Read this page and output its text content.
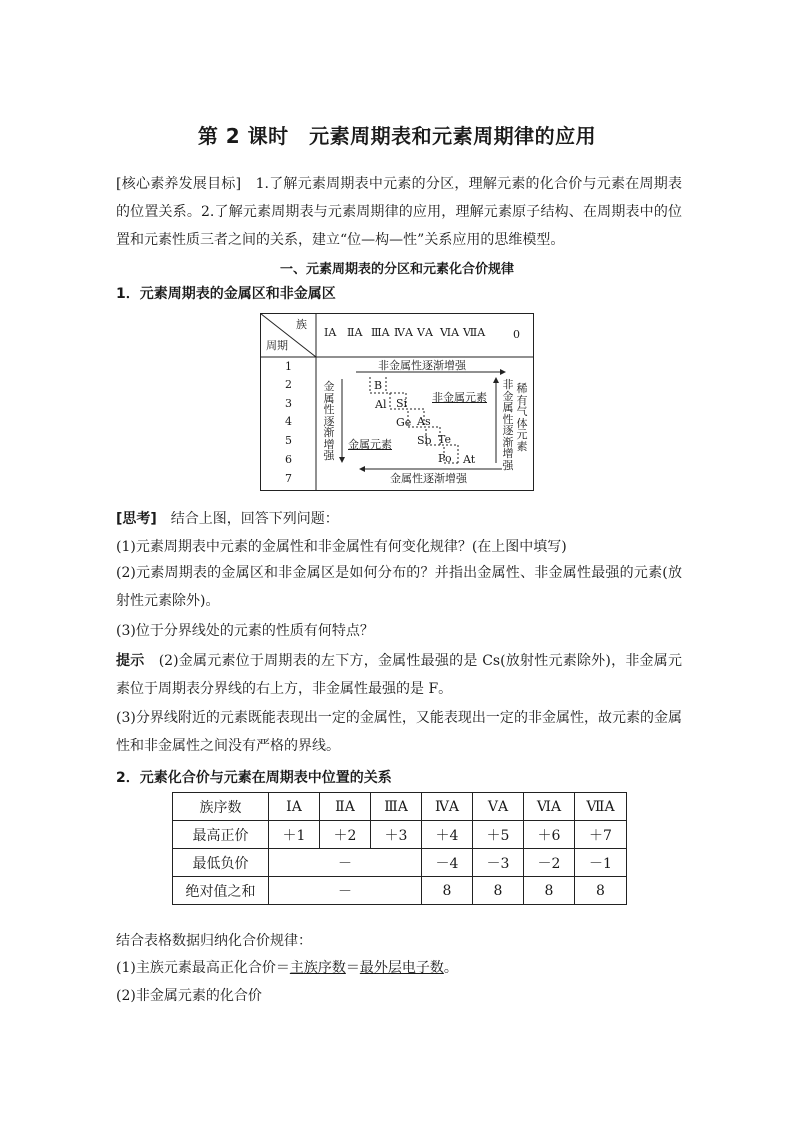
第 2 课时　元素周期表和元素周期律的应用
[核心素养发展目标]　1.了解元素周期表中元素的分区，理解元素的化合价与元素在周期表的位置关系。2.了解元素周期表与元素周期律的应用，理解元素原子结构、在周期表中的位置和元素性质三者之间的关系，建立“位—构—性”关系应用的思维模型。
一、元素周期表的分区和元素化合价规律
1．元素周期表的金属区和非金属区
族
周期
ⅠA ⅡA ⅢA ⅣA ⅤA ⅥA ⅦA	0
1
2
3
4
5
6
7
非金属性逐渐增强
金属性逐渐增强
金属性逐渐增强
非金属性逐渐增强
稀有气体元素
金属元素
非金属元素
B
Al Si
Ge As
Sb Te
Po At
[思考]　结合上图，回答下列问题：
(1)元素周期表中元素的金属性和非金属性有何变化规律？(在上图中填写)
(2)元素周期表的金属区和非金属区是如何分布的？并指出金属性、非金属性最强的元素(放射性元素除外)。
(3)位于分界线处的元素的性质有何特点？
提示　(2)金属元素位于周期表的左下方，金属性最强的是 Cs(放射性元素除外)，非金属元素位于周期表分界线的右上方，非金属性最强的是 F。
(3)分界线附近的元素既能表现出一定的金属性，又能表现出一定的非金属性，故元素的金属性和非金属性之间没有严格的界线。
2．元素化合价与元素在周期表中位置的关系
族序数	ⅠA	ⅡA	ⅢA	ⅣA	ⅤA	ⅥA	ⅦA
最高正价	＋1	＋2	＋3	＋4	＋5	＋6	＋7
最低负价	－			－4	－3	－2	－1
绝对值之和	－			8	8	8	8
结合表格数据归纳化合价规律：
(1)主族元素最高正化合价＝主族序数＝最外层电子数。
(2)非金属元素的化合价
